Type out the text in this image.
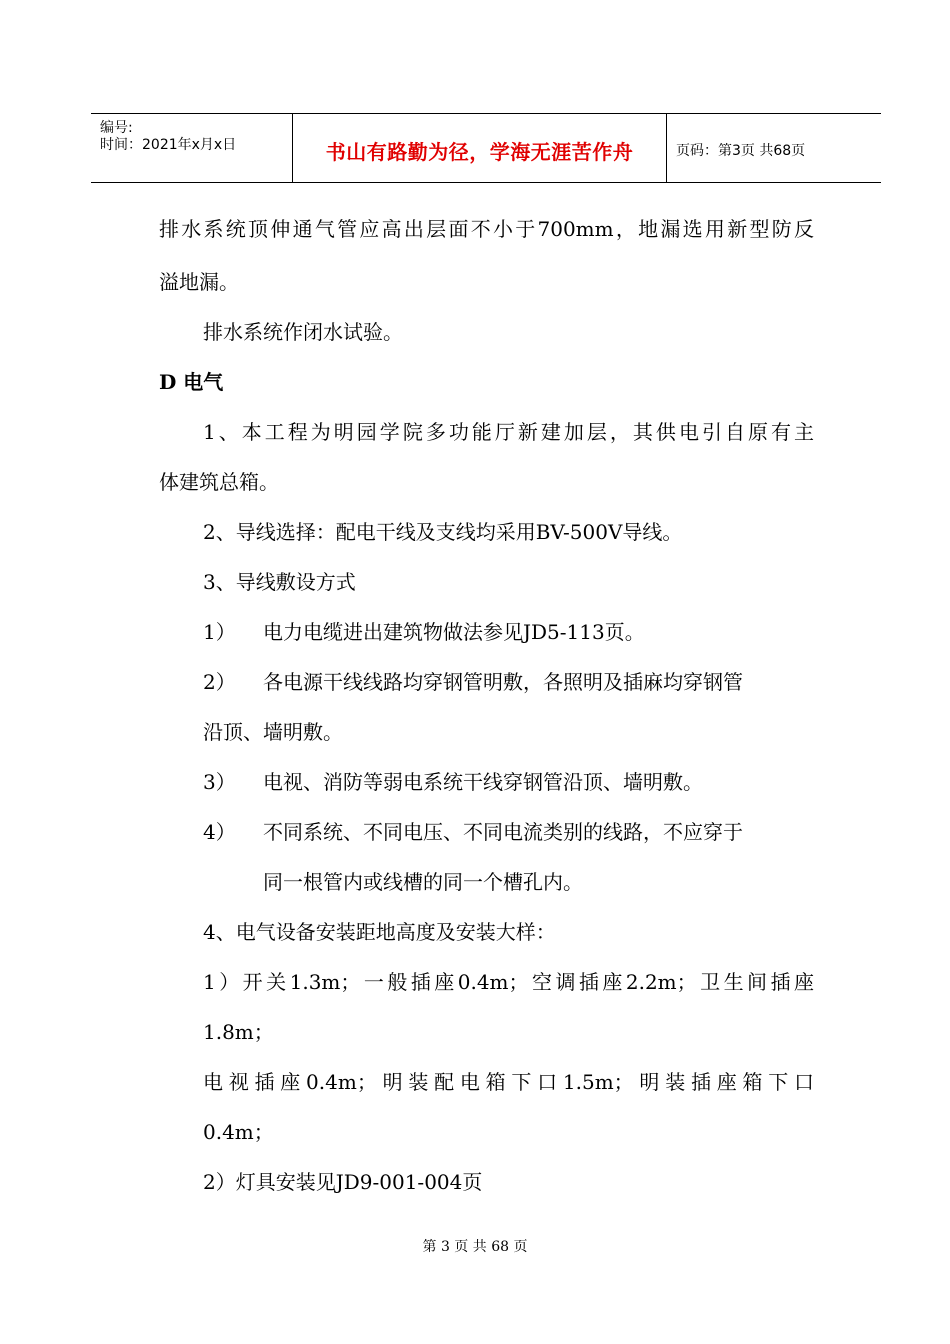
编号:
时间：2021年x月x日	书山有路勤为径，学海无涯苦作舟	页码：第3页 共68页
排水系统顶伸通气管应高出层面不小于700mm，地漏选用新型防反
溢地漏。
排水系统作闭水试验。
D 电气
1、本工程为明园学院多功能厅新建加层，其供电引自原有主
体建筑总箱。
2、导线选择：配电干线及支线均采用BV-500V导线。
3、导线敷设方式
1） 电力电缆进出建筑物做法参见JD5-113页。
2） 各电源干线线路均穿钢管明敷，各照明及插麻均穿钢管
沿顶、墙明敷。
3） 电视、消防等弱电系统干线穿钢管沿顶、墙明敷。
4） 不同系统、不同电压、不同电流类别的线路，不应穿于
同一根管内或线槽的同一个槽孔内。
4、电气设备安装距地高度及安装大样：
1）开关1.3m；一般插座0.4m；空调插座2.2m；卫生间插座
1.8m；
电视插座0.4m；明装配电箱下口1.5m；明装插座箱下口
0.4m；
2）灯具安装见JD9-001-004页
第 3 页 共 68 页
